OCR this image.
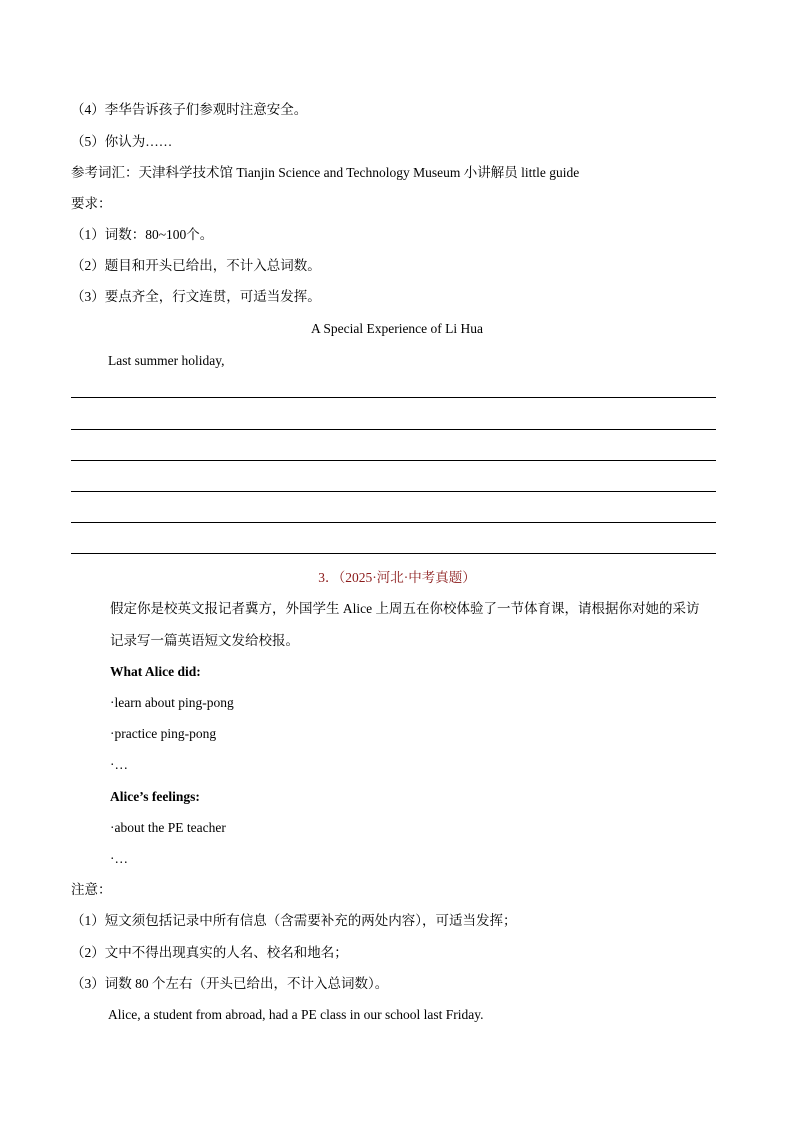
（4）李华告诉孩子们参观时注意安全。
（5）你认为……
参考词汇：天津科学技术馆 Tianjin Science and Technology Museum 小讲解员 little guide
要求：
（1）词数：80~100个。
（2）题目和开头已给出，不计入总词数。
（3）要点齐全，行文连贯，可适当发挥。
A Special Experience of Li Hua
Last summer holiday,
3．（2025·河北·中考真题）
假定你是校英文报记者冀方，外国学生 Alice 上周五在你校体验了一节体育课，请根据你对她的采访
记录写一篇英语短文发给校报。
What Alice did:
·learn about ping-pong
·practice ping-pong
·…
Alice’s feelings:
·about the PE teacher
·…
注意：
（1）短文须包括记录中所有信息（含需要补充的两处内容），可适当发挥；
（2）文中不得出现真实的人名、校名和地名；
（3）词数 80 个左右（开头已给出，不计入总词数）。
Alice, a student from abroad, had a PE class in our school last Friday.
